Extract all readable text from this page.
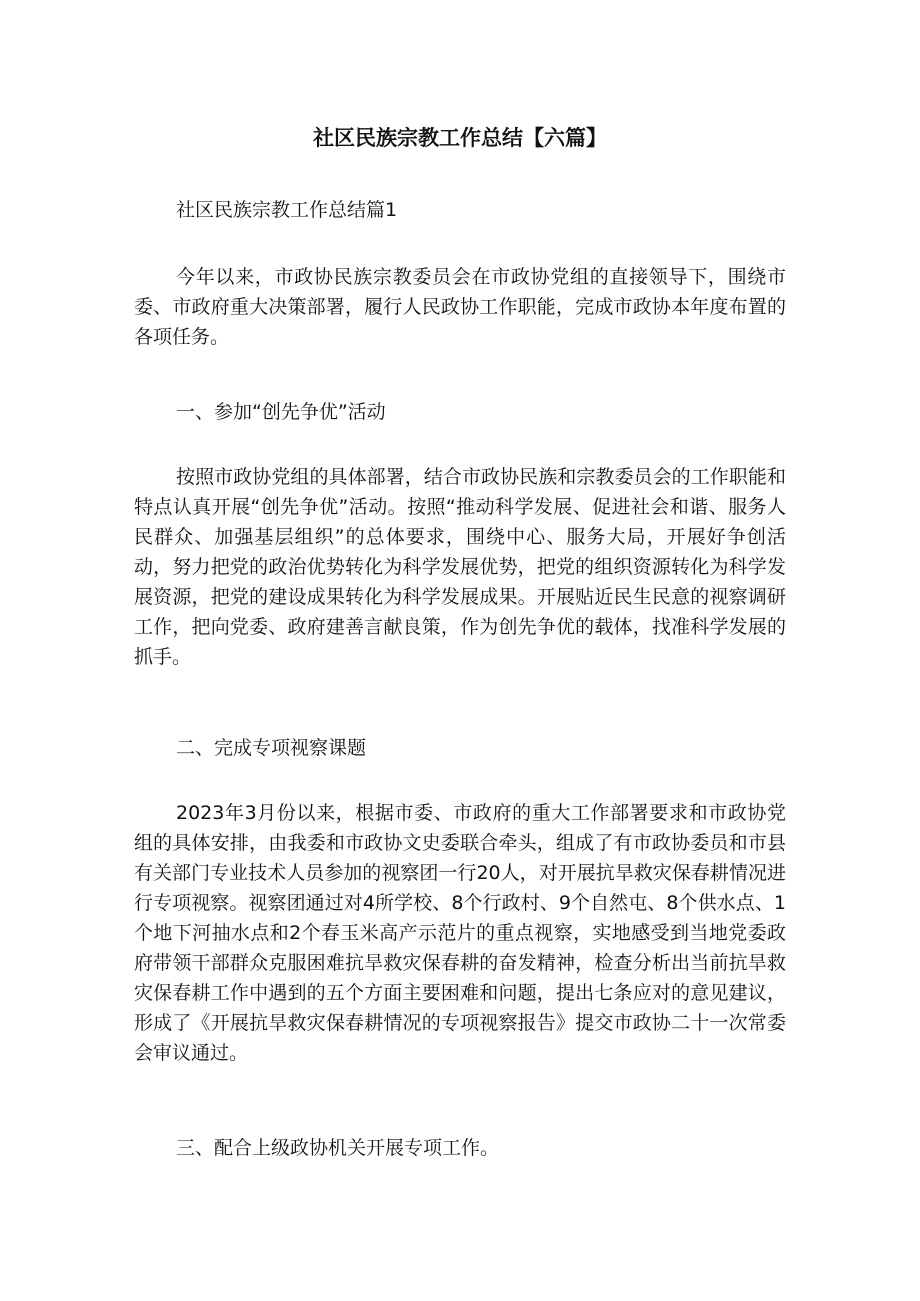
社区民族宗教工作总结【六篇】

社区民族宗教工作总结篇1

今年以来，市政协民族宗教委员会在市政协党组的直接领导下，围绕市委、市政府重大决策部署，履行人民政协工作职能，完成市政协本年度布置的各项任务。

一、参加“创先争优”活动

按照市政协党组的具体部署，结合市政协民族和宗教委员会的工作职能和特点认真开展“创先争优”活动。按照“推动科学发展、促进社会和谐、服务人民群众、加强基层组织”的总体要求，围绕中心、服务大局，开展好争创活动，努力把党的政治优势转化为科学发展优势，把党的组织资源转化为科学发展资源，把党的建设成果转化为科学发展成果。开展贴近民生民意的视察调研工作，把向党委、政府建善言献良策，作为创先争优的载体，找准科学发展的抓手。

二、完成专项视察课题

2023年3月份以来，根据市委、市政府的重大工作部署要求和市政协党组的具体安排，由我委和市政协文史委联合牵头，组成了有市政协委员和市县有关部门专业技术人员参加的视察团一行20人，对开展抗旱救灾保春耕情况进行专项视察。视察团通过对4所学校、8个行政村、9个自然屯、8个供水点、1个地下河抽水点和2个春玉米高产示范片的重点视察，实地感受到当地党委政府带领干部群众克服困难抗旱救灾保春耕的奋发精神，检查分析出当前抗旱救灾保春耕工作中遇到的五个方面主要困难和问题，提出七条应对的意见建议，形成了《开展抗旱救灾保春耕情况的专项视察报告》提交市政协二十一次常委会审议通过。

三、配合上级政协机关开展专项工作。
